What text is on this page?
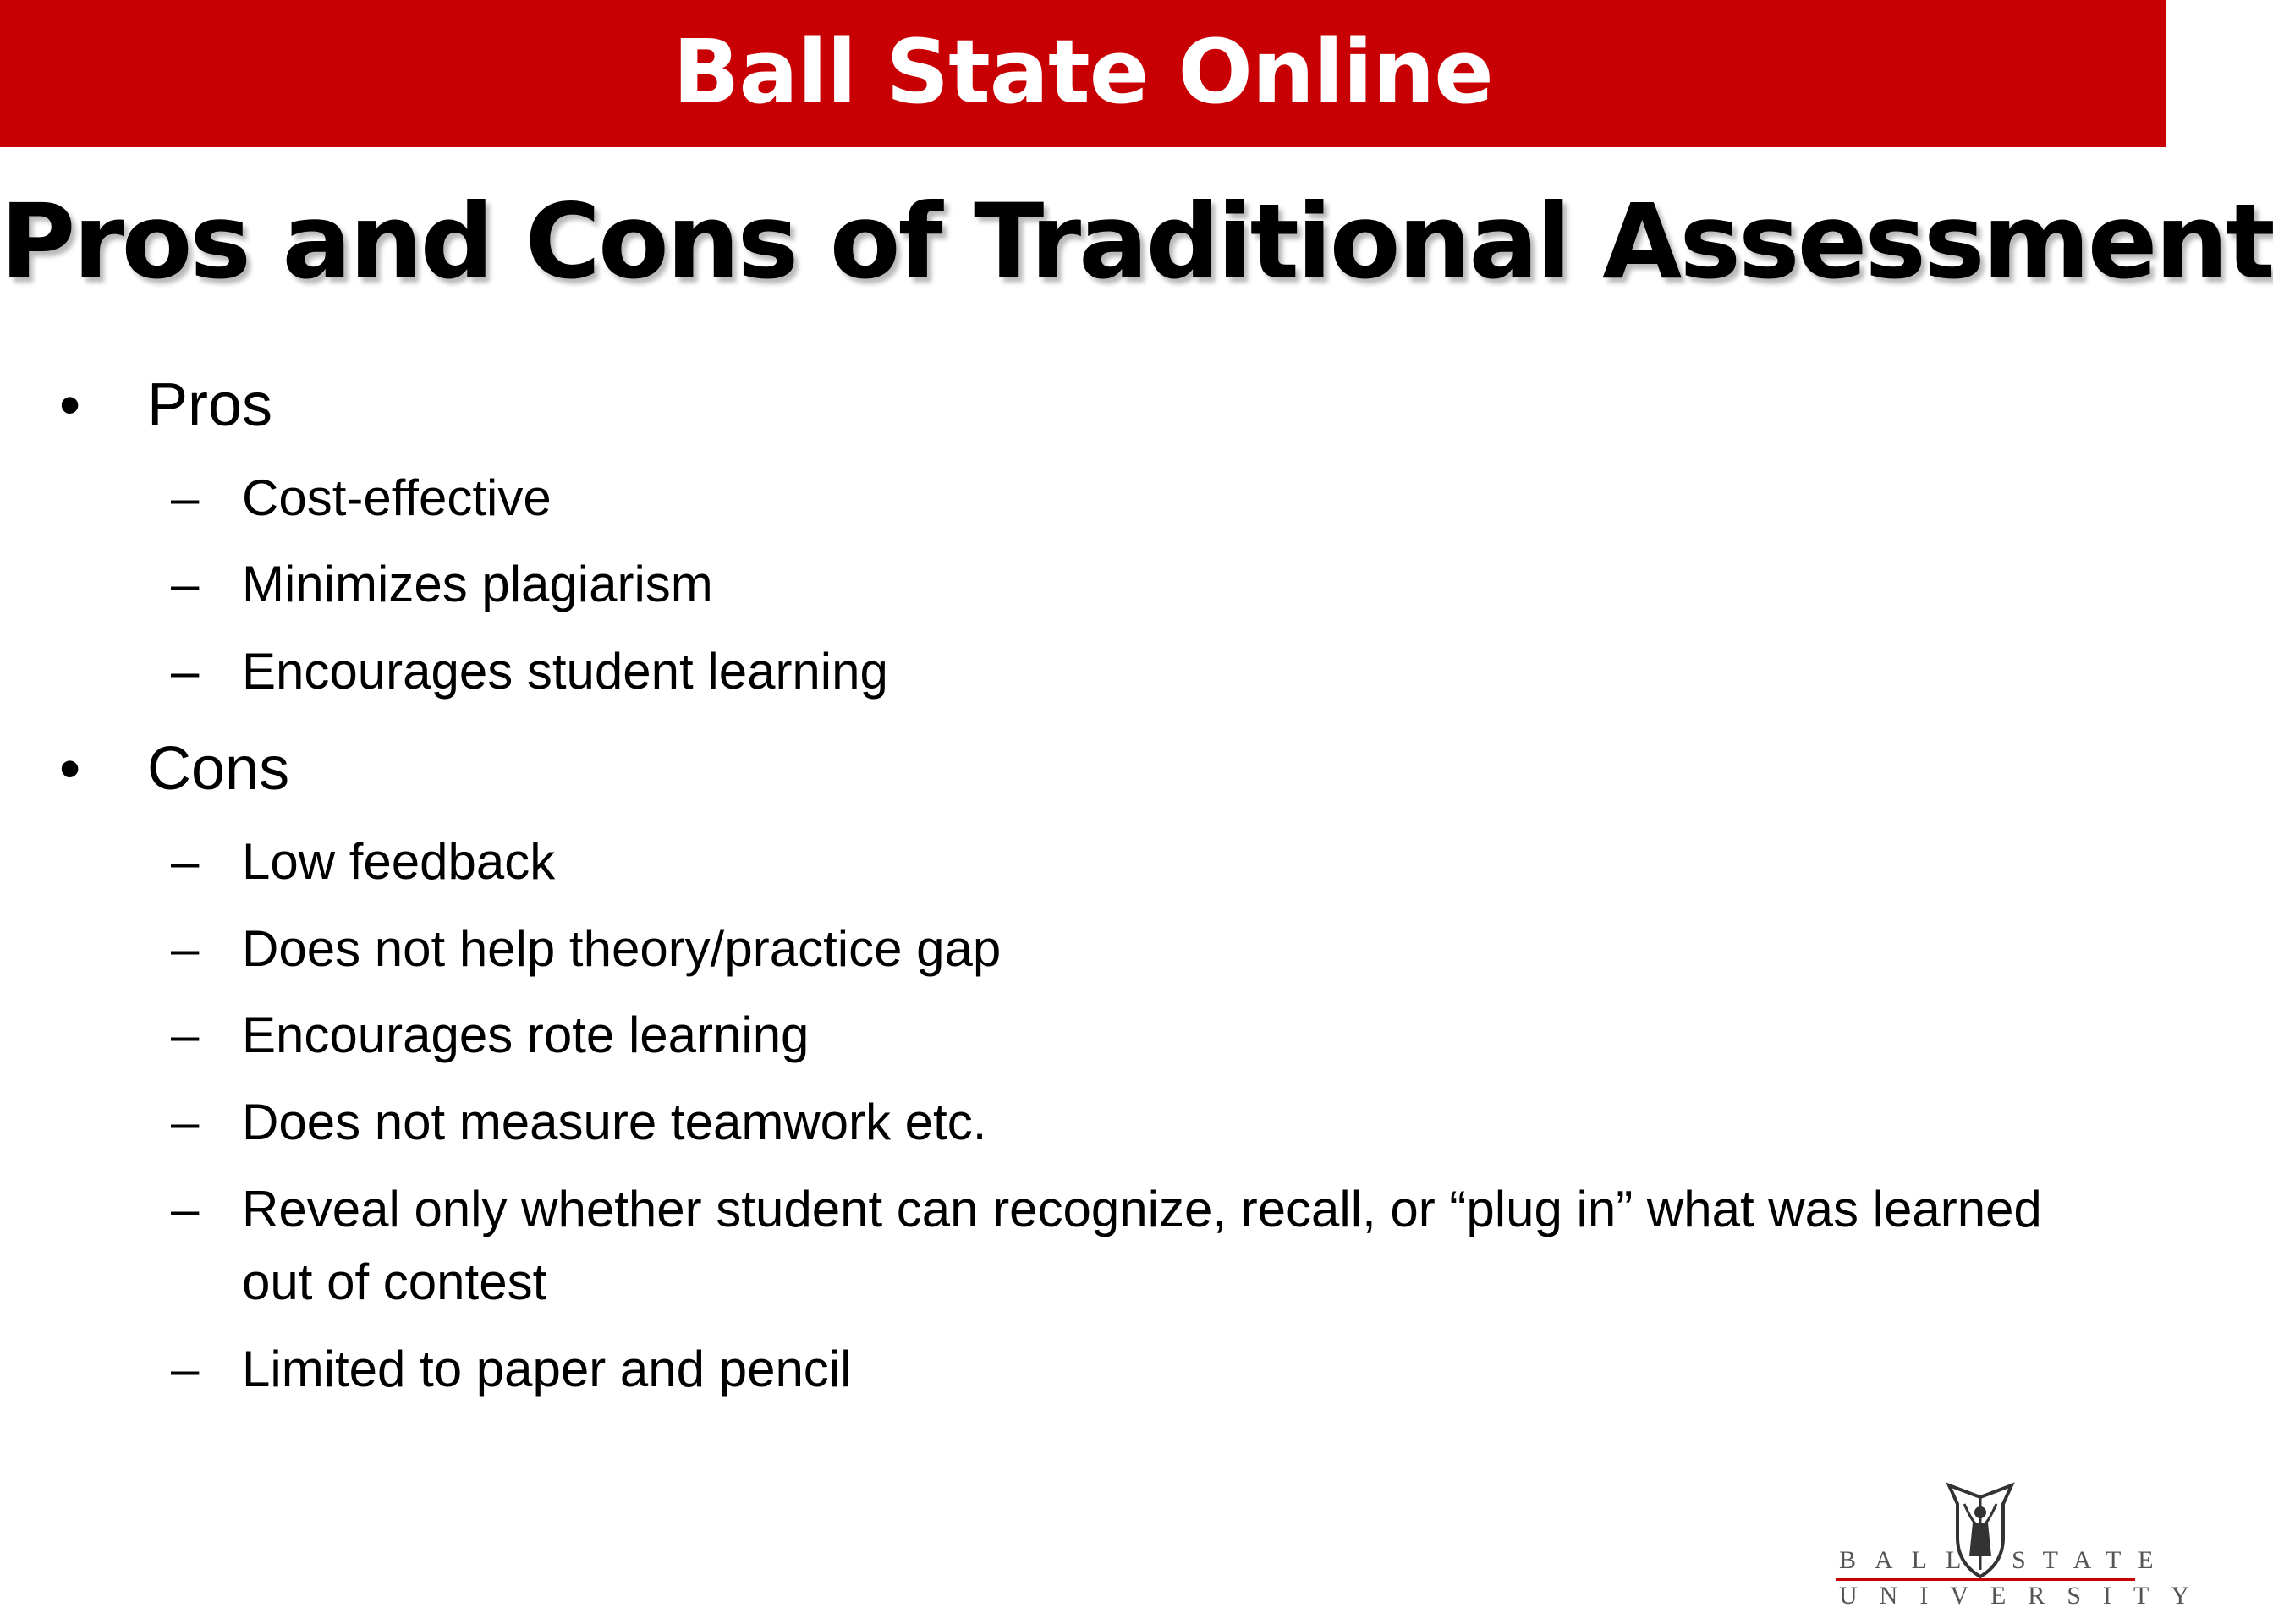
Ball State Online
Pros and Cons of Traditional Assessment
•	Pros
– Cost-effective
– Minimizes plagiarism
– Encourages student learning
•	Cons
– Low feedback
– Does not help theory/practice gap
– Encourages rote learning
– Does not measure teamwork etc.
– Reveal only whether student can recognize, recall, or “plug in” what was learned out of contest
– Limited to paper and pencil
BALL STATE
UNIVERSITY
